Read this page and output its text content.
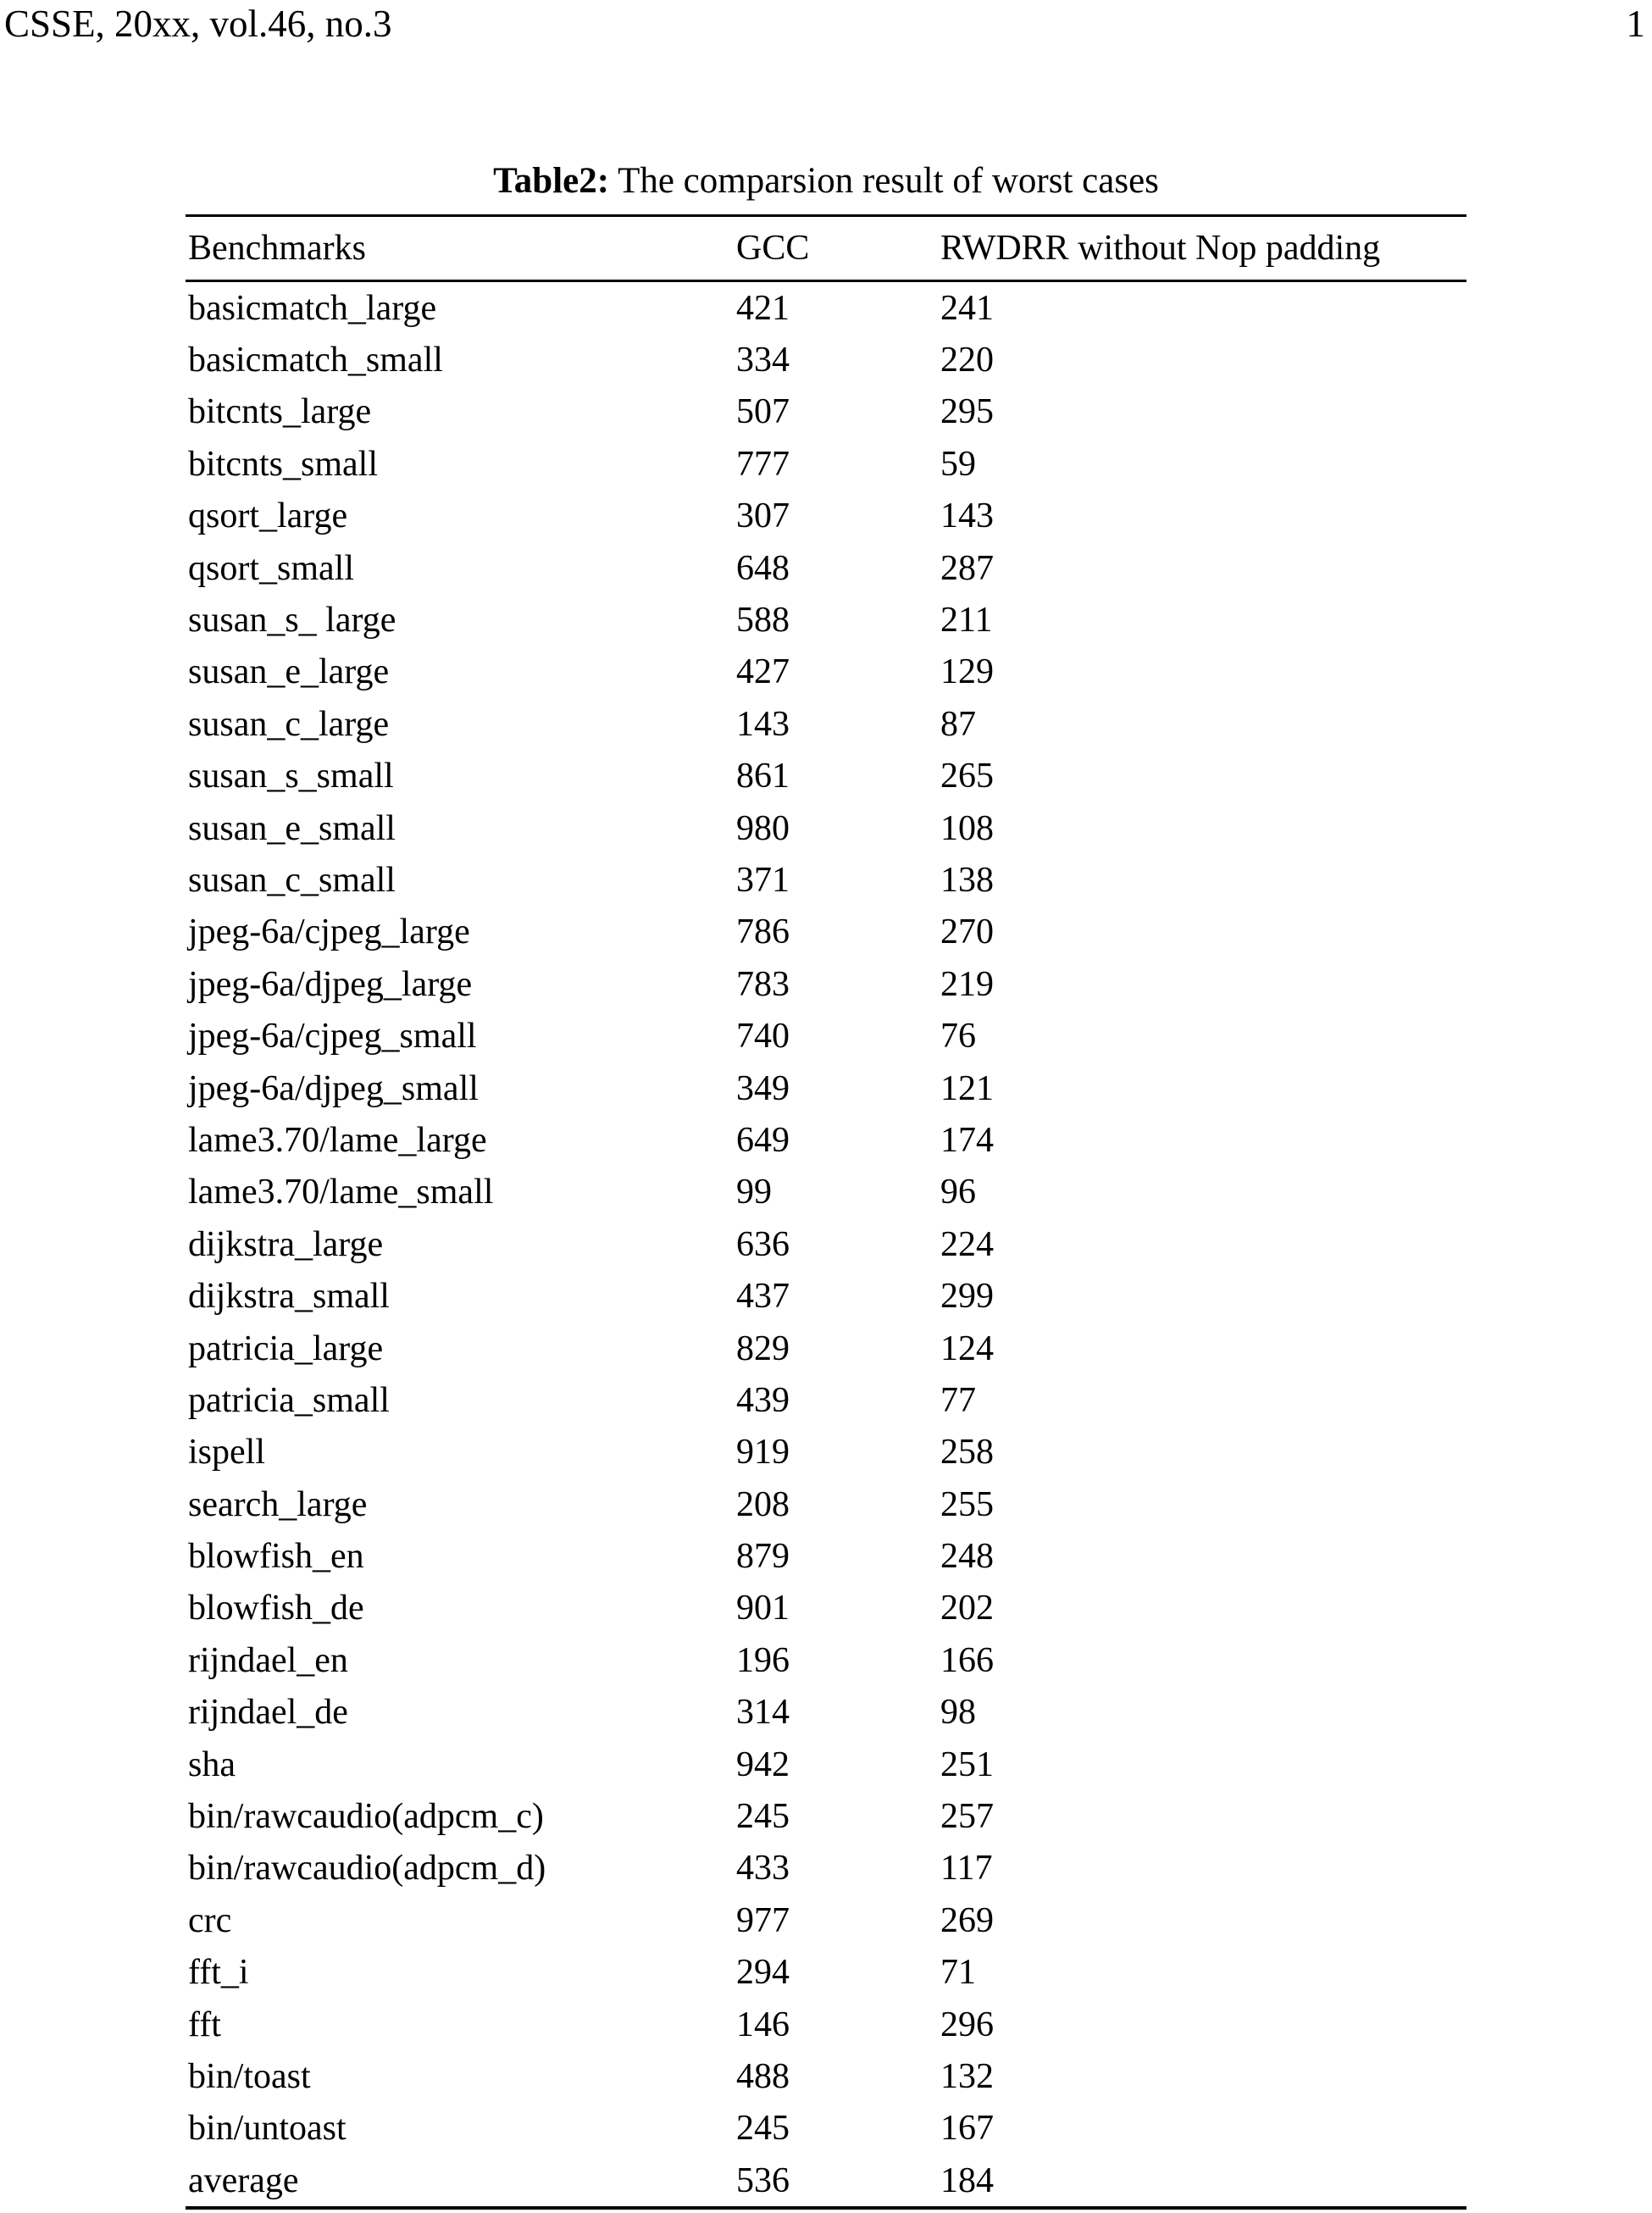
CSSE, 20xx, vol.46, no.3	1
Table2: The comparsion result of worst cases
Benchmarks	GCC	RWDRR without Nop padding
basicmatch_large	421	241
basicmatch_small	334	220
bitcnts_large	507	295
bitcnts_small	777	59
qsort_large	307	143
qsort_small	648	287
susan_s_ large	588	211
susan_e_large	427	129
susan_c_large	143	87
susan_s_small	861	265
susan_e_small	980	108
susan_c_small	371	138
jpeg-6a/cjpeg_large	786	270
jpeg-6a/djpeg_large	783	219
jpeg-6a/cjpeg_small	740	76
jpeg-6a/djpeg_small	349	121
lame3.70/lame_large	649	174
lame3.70/lame_small	99	96
dijkstra_large	636	224
dijkstra_small	437	299
patricia_large	829	124
patricia_small	439	77
ispell	919	258
search_large	208	255
blowfish_en	879	248
blowfish_de	901	202
rijndael_en	196	166
rijndael_de	314	98
sha	942	251
bin/rawcaudio(adpcm_c)	245	257
bin/rawcaudio(adpcm_d)	433	117
crc	977	269
fft_i	294	71
fft	146	296
bin/toast	488	132
bin/untoast	245	167
average	536	184
